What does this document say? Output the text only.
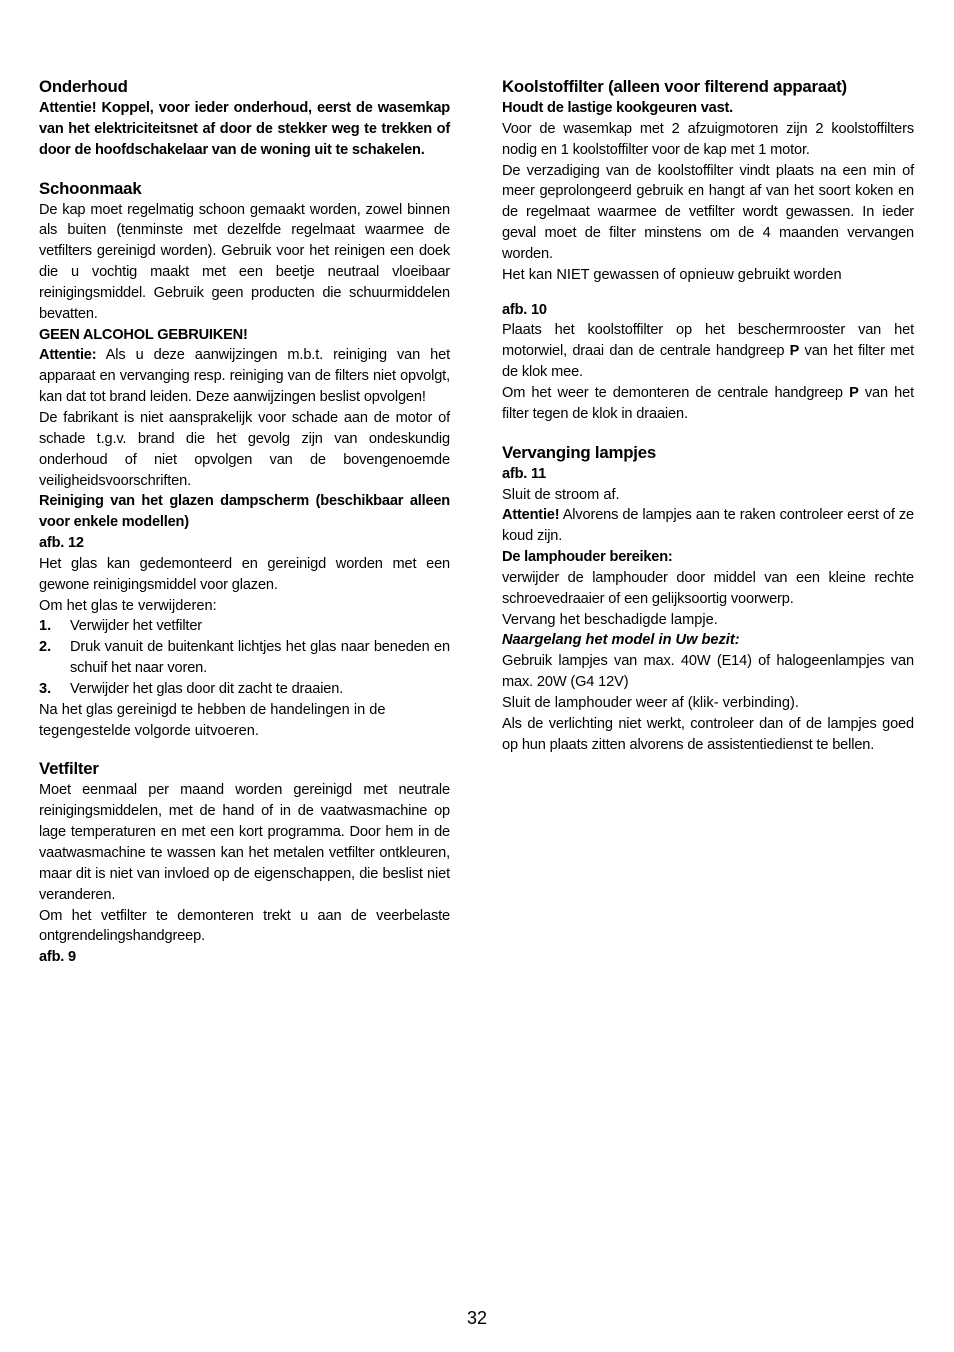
Onderhoud

Attentie! Koppel, voor ieder onderhoud, eerst de wasemkap van het elektriciteitsnet af door de stekker weg te trekken of door de hoofdschakelaar van de woning uit te schakelen.

Schoonmaak

De kap moet regelmatig schoon gemaakt worden, zowel binnen als buiten (tenminste met dezelfde regelmaat waarmee de vetfilters gereinigd worden). Gebruik voor het reinigen een doek die u vochtig maakt met een beetje neutraal vloeibaar reinigingsmiddel. Gebruik geen producten die schuurmiddelen bevatten.

GEEN ALCOHOL GEBRUIKEN!

Attentie: Als u deze aanwijzingen m.b.t. reiniging van het apparaat en vervanging resp. reiniging van de filters niet opvolgt, kan dat tot brand leiden. Deze aanwijzingen beslist opvolgen!

De fabrikant is niet aansprakelijk voor schade aan de motor of schade t.g.v. brand die het gevolg zijn van ondeskundig onderhoud of niet opvolgen van de bovengenoemde veiligheidsvoorschriften.

Reiniging van het glazen dampscherm (beschikbaar alleen voor enkele modellen)

afb. 12

Het glas kan gedemonteerd en gereinigd worden met een gewone reinigingsmiddel voor glazen.

Om het glas te verwijderen:

1.	Verwijder het vetfilter
2.	Druk vanuit de buitenkant lichtjes het glas naar beneden en schuif het naar voren.
3.	Verwijder het glas door dit zacht te draaien.

Na het glas gereinigd te hebben de handelingen in de tegengestelde volgorde uitvoeren.

Vetfilter

Moet eenmaal per maand worden gereinigd met neutrale reinigingsmiddelen, met de hand of in de vaatwasmachine op lage temperaturen en met een kort programma. Door hem in de vaatwasmachine te wassen kan het metalen vetfilter ontkleuren, maar dit is niet van invloed op de eigenschappen, die beslist niet veranderen.

Om het vetfilter te demonteren trekt u aan de veerbelaste ontgrendelingshandgreep.

afb. 9

Koolstoffilter (alleen voor filterend apparaat)

Houdt de lastige kookgeuren vast.

Voor de wasemkap met 2 afzuigmotoren zijn 2 koolstoffilters nodig en 1 koolstoffilter voor de kap met 1 motor.

De verzadiging van de koolstoffilter vindt plaats na een min of meer geprolongeerd gebruik en hangt af van het soort koken en de regelmaat waarmee de vetfilter wordt gewassen. In ieder geval moet de filter minstens om de 4 maanden vervangen worden.

Het kan NIET gewassen of opnieuw gebruikt worden

afb. 10

Plaats het koolstoffilter op het beschermrooster van het motorwiel, draai dan de centrale handgreep P van het filter met de klok mee.

Om het weer te demonteren de centrale handgreep P van het filter tegen de klok in draaien.

Vervanging lampjes

afb. 11

Sluit de stroom af.

Attentie! Alvorens de lampjes aan te raken controleer eerst of ze koud zijn.

De lamphouder bereiken:

verwijder de lamphouder door middel van een kleine rechte schroevedraaier of een gelijksoortig voorwerp.

Vervang het beschadigde lampje.

Naargelang het model in Uw bezit:

Gebruik lampjes van max. 40W (E14) of halogeenlampjes van max. 20W (G4 12V)

Sluit de lamphouder weer af (klik- verbinding).

Als de verlichting niet werkt, controleer dan of de lampjes goed op hun plaats zitten alvorens de assistentiedienst te bellen.

32
